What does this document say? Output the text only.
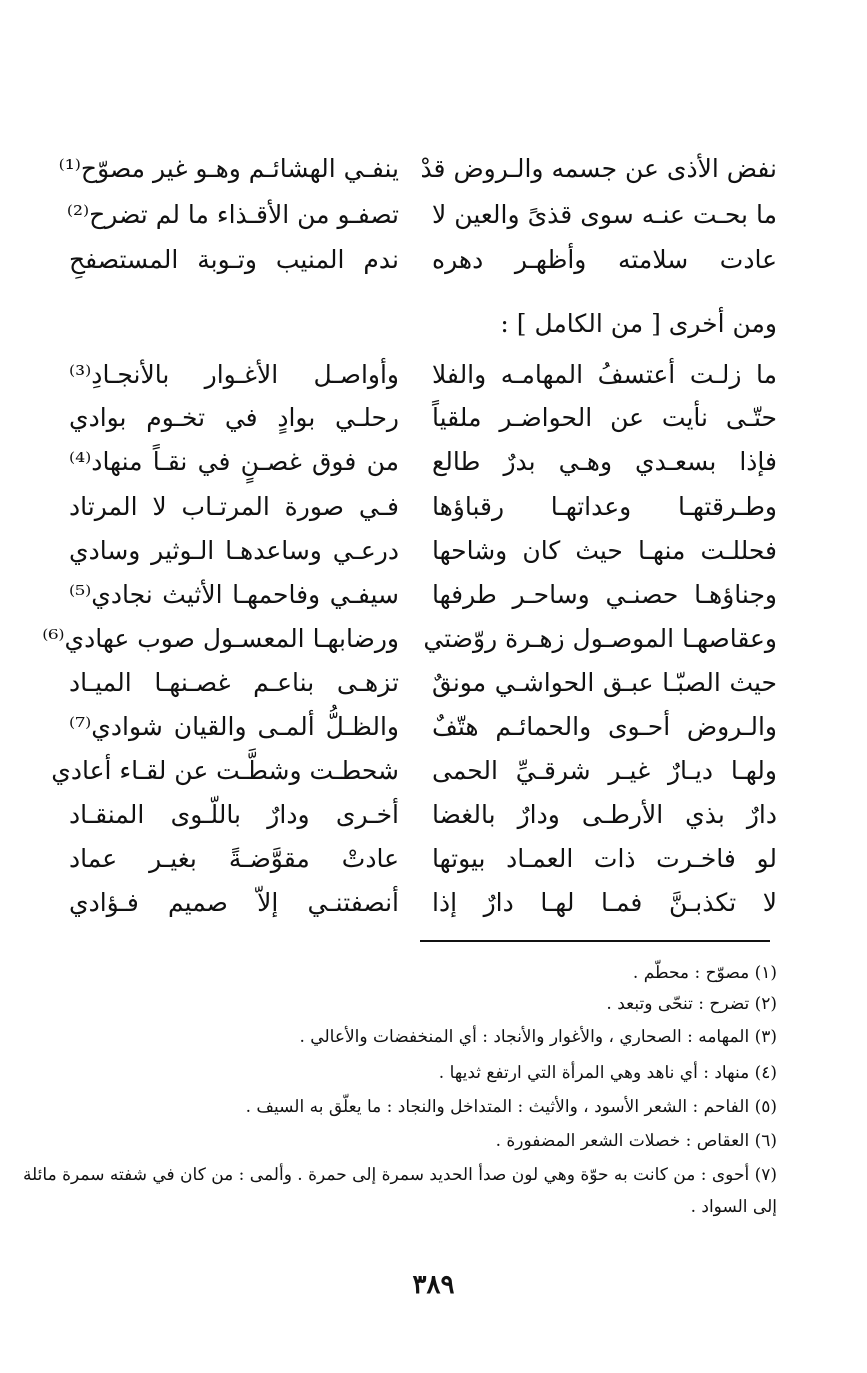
نفض الأذى عن جسمه والـروض قدْ
ينفـي الهشائـم وهـو غير مصوّح⁽¹⁾
ما بحـت عنـه سوى قذىً والعين لا
تصفـو من الأقـذاء ما لم تضرح⁽²⁾
عادت سلامته وأظهـر دهره
ندم المنيب وتـوبة المستصفحِ
ومن أخرى [ من الكامل ] :
ما زلـت أعتسفُ المهامـه والفلا
وأواصـل الأغـوار بالأنجـادِ⁽³⁾
حتّـى نأيت عن الحواضـر ملقياً
رحلـي بوادٍ في تخـوم بوادي
فإذا بسعـدي وهـي بدرٌ طالع
من فوق غصـنٍ في نقـاً منهاد⁽⁴⁾
وطـرقتهـا وعداتهـا رقباؤها
فـي صورة المرتـاب لا المرتاد
فحللـت منهـا حيث كان وشاحها
درعـي وساعدهـا الـوثير وسادي
وجناؤهـا حصنـي وساحـر طرفها
سيفـي وفاحمهـا الأثيث نجادي⁽⁵⁾
وعقاصهـا الموصـول زهـرة روّضتي
ورضابهـا المعسـول صوب عهادي⁽⁶⁾
حيث الصبّـا عبـق الحواشـي مونقٌ
تزهـى بناعـم غصـنهـا الميـاد
والـروض أحـوى والحمائـم هتّفٌ
والظـلُّ ألمـى والقيان شوادي⁽⁷⁾
ولهـا ديـارٌ غيـر شرقـيِّ الحمى
شحطـت وشطَّـت عن لقـاء أعادي
دارٌ بذي الأرطـى ودارٌ بالغضا
أخـرى ودارٌ باللّـوى المنقـاد
لو فاخـرت ذات العمـاد بيوتها
عادتْ مقوَّضـةً بغيـر عماد
لا تكذبـنَّ فمـا لهـا دارٌ إذا
أنصفتنـي إلاّ صميم فـؤادي
(١) مصوّح : محطّم .
(٢) تضرح : تنحّى وتبعد .
(٣) المهامه : الصحاري ، والأغوار والأنجاد : أي المنخفضات والأعالي .
(٤) منهاد : أي ناهد وهي المرأة التي ارتفع ثديها .
(٥) الفاحم : الشعر الأسود ، والأثيث : المتداخل والنجاد : ما يعلّق به السيف .
(٦) العقاص : خصلات الشعر المضفورة .
(٧) أحوى : من كانت به حوّة وهي لون صدأ الحديد سمرة إلى حمرة . وألمى : من كان في شفته سمرة مائلة
إلى السواد .
٣٨٩
